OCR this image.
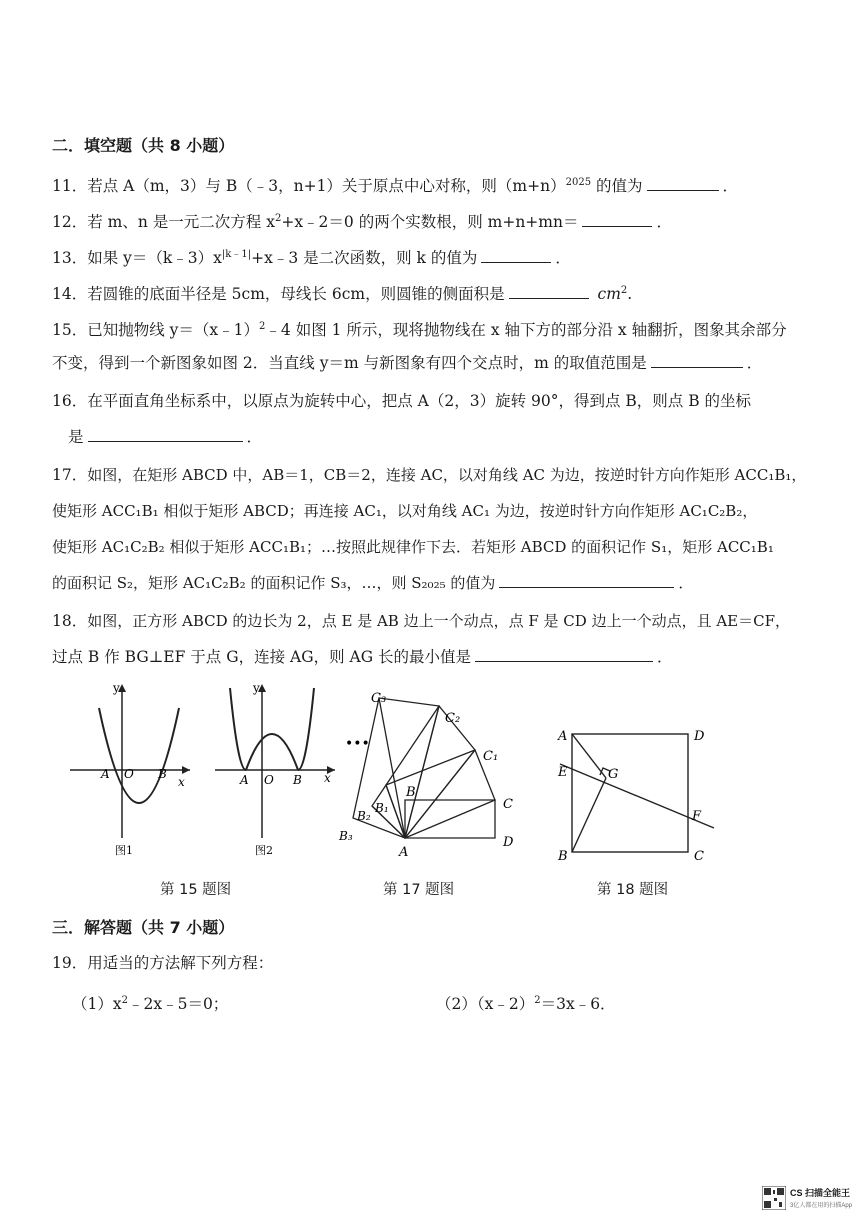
二．填空题（共 8 小题）
11．若点 A（m，3）与 B（﹣3，n+1）关于原点中心对称，则$(m+n)^{2025}$ 的值为	．
12．若 m、n 是一元二次方程 $x^2+x﹣2=0$ 的两个实数根，则 m+n+mn＝	．
13．如果 $y=(k﹣3)x^{|k﹣1|}+x﹣3$ 是二次函数，则 k 的值为	．
14．若圆锥的底面半径是 5cm，母线长 6cm，则圆锥的侧面积是	$cm^2$.
15．已知抛物线 y＝（x﹣1）$^2$﹣4 如图 1 所示，现将抛物线在 x 轴下方的部分沿 x 轴翻折，图象其余部分
不变，得到一个新图象如图 2．当直线 y＝m 与新图象有四个交点时，m 的取值范围是	．
16．在平面直角坐标系中，以原点为旋转中心，把点 A（2，3）旋转 90°，得到点 B，则点 B 的坐标
是	．
17．如图，在矩形 ABCD 中，AB＝1，CB＝2，连接 AC，以对角线 AC 为边，按逆时针方向作矩形 ACC₁B₁，
使矩形 ACC₁B₁ 相似于矩形 ABCD；再连接 AC₁，以对角线 AC₁ 为边，按逆时针方向作矩形 AC₁C₂B₂，
使矩形 AC₁C₂B₂ 相似于矩形 ACC₁B₁；…按照此规律作下去．若矩形 ABCD 的面积记作 S₁，矩形 ACC₁B₁
的面积记 S₂，矩形 AC₁C₂B₂ 的面积记作 S₃，…，则 S₂₀₂₅ 的值为	．
18．如图，正方形 ABCD 的边长为 2，点 E 是 AB 边上一个动点，点 F 是 CD 边上一个动点，且 AE＝CF，
过点 B 作 BG⊥EF 于点 G，连接 AG，则 AG 长的最小值是	．
y
x
A O B
图1
y
x
A O B
图2
•••
C₃
C₂
C₁
C
B
B₁
B₂
B₃
A
D
A	D
E	G
F
B	C
第 15 题图	第 17 题图	第 18 题图
三．解答题（共 7 小题）
19．用适当的方法解下列方程：
$(1)x^2﹣2x﹣5=0$；	（2）（x﹣2）$^2$＝3x﹣6．
CS 扫描全能王
3亿人都在用的扫描App
